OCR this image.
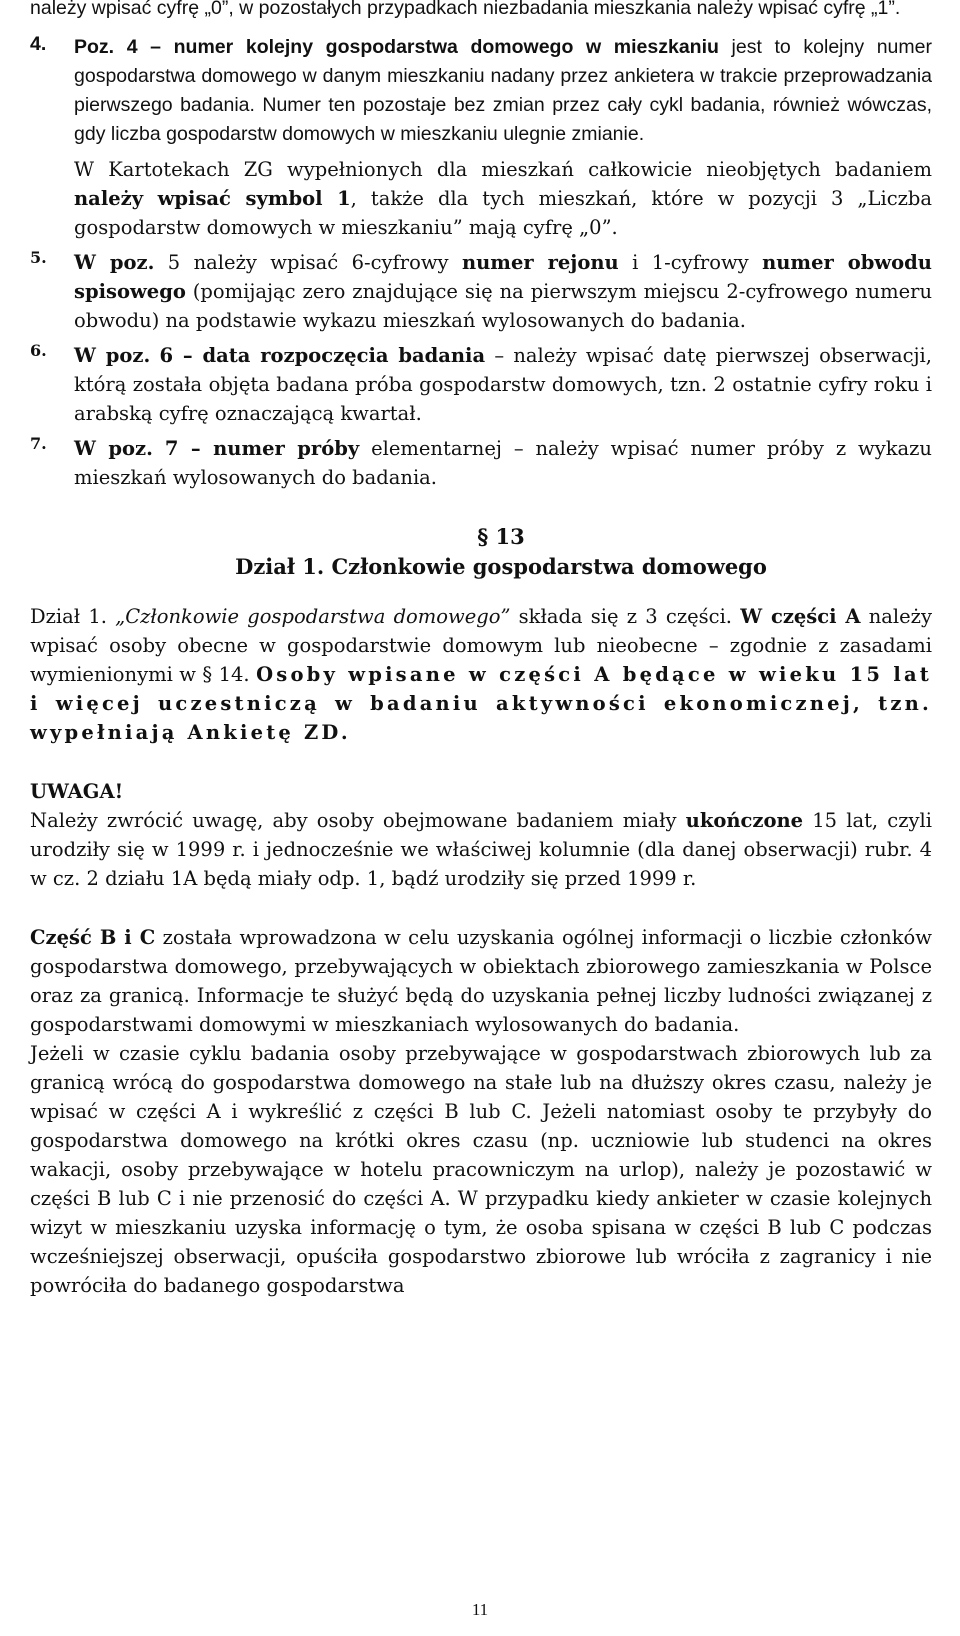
należy wpisać cyfrę „0”, w pozostałych przypadkach niezbadania mieszkania należy wpisać cyfrę „1”.

4.	Poz. 4 – numer kolejny gospodarstwa domowego w mieszkaniu jest to kolejny numer gospodarstwa domowego w danym mieszkaniu nadany przez ankietera w trakcie przeprowadzania pierwszego badania. Numer ten pozostaje bez zmian przez cały cykl badania, również wówczas, gdy liczba gospodarstw domowych w mieszkaniu ulegnie zmianie.

W Kartotekach ZG wypełnionych dla mieszkań całkowicie nieobjętych badaniem należy wpisać symbol 1, także dla tych mieszkań, które w pozycji 3 „Liczba gospodarstw domowych w mieszkaniu” mają cyfrę „0”.

5.	W poz. 5 należy wpisać 6-cyfrowy numer rejonu i 1-cyfrowy numer obwodu spisowego (pomijając zero znajdujące się na pierwszym miejscu 2-cyfrowego numeru obwodu) na podstawie wykazu mieszkań wylosowanych do badania.

6.	W poz. 6 – data rozpoczęcia badania – należy wpisać datę pierwszej obserwacji, którą została objęta badana próba gospodarstw domowych, tzn. 2 ostatnie cyfry roku i arabską cyfrę oznaczającą kwartał.

7.	W poz. 7 – numer próby elementarnej – należy wpisać numer próby z wykazu mieszkań wylosowanych do badania.

§ 13
Dział 1. Członkowie gospodarstwa domowego

Dział 1. „Członkowie gospodarstwa domowego” składa się z 3 części. W części A należy wpisać osoby obecne w gospodarstwie domowym lub nieobecne – zgodnie z zasadami wymienionymi w § 14. Osoby wpisane w części A będące w wieku 15 lat i więcej uczestniczą w badaniu aktywności ekonomicznej, tzn. wypełniają Ankietę ZD.

UWAGA!

Należy zwrócić uwagę, aby osoby obejmowane badaniem miały ukończone 15 lat, czyli urodziły się w 1999 r. i jednocześnie we właściwej kolumnie (dla danej obserwacji) rubr. 4 w cz. 2 działu 1A będą miały odp. 1, bądź urodziły się przed 1999 r.

Część B i C została wprowadzona w celu uzyskania ogólnej informacji o liczbie członków gospodarstwa domowego, przebywających w obiektach zbiorowego zamieszkania w Polsce oraz za granicą. Informacje te służyć będą do uzyskania pełnej liczby ludności związanej z gospodarstwami domowymi w mieszkaniach wylosowanych do badania.

Jeżeli w czasie cyklu badania osoby przebywające w gospodarstwach zbiorowych lub za granicą wrócą do gospodarstwa domowego na stałe lub na dłuższy okres czasu, należy je wpisać w części A i wykreślić z części B lub C. Jeżeli natomiast osoby te przybyły do gospodarstwa domowego na krótki okres czasu (np. uczniowie lub studenci na okres wakacji, osoby przebywające w hotelu pracowniczym na urlop), należy je pozostawić w części B lub C i nie przenosić do części A. W przypadku kiedy ankieter w czasie kolejnych wizyt w mieszkaniu uzyska informację o tym, że osoba spisana w części B lub C podczas wcześniejszej obserwacji, opuściła gospodarstwo zbiorowe lub wróciła z zagranicy i nie powróciła do badanego gospodarstwa

11
